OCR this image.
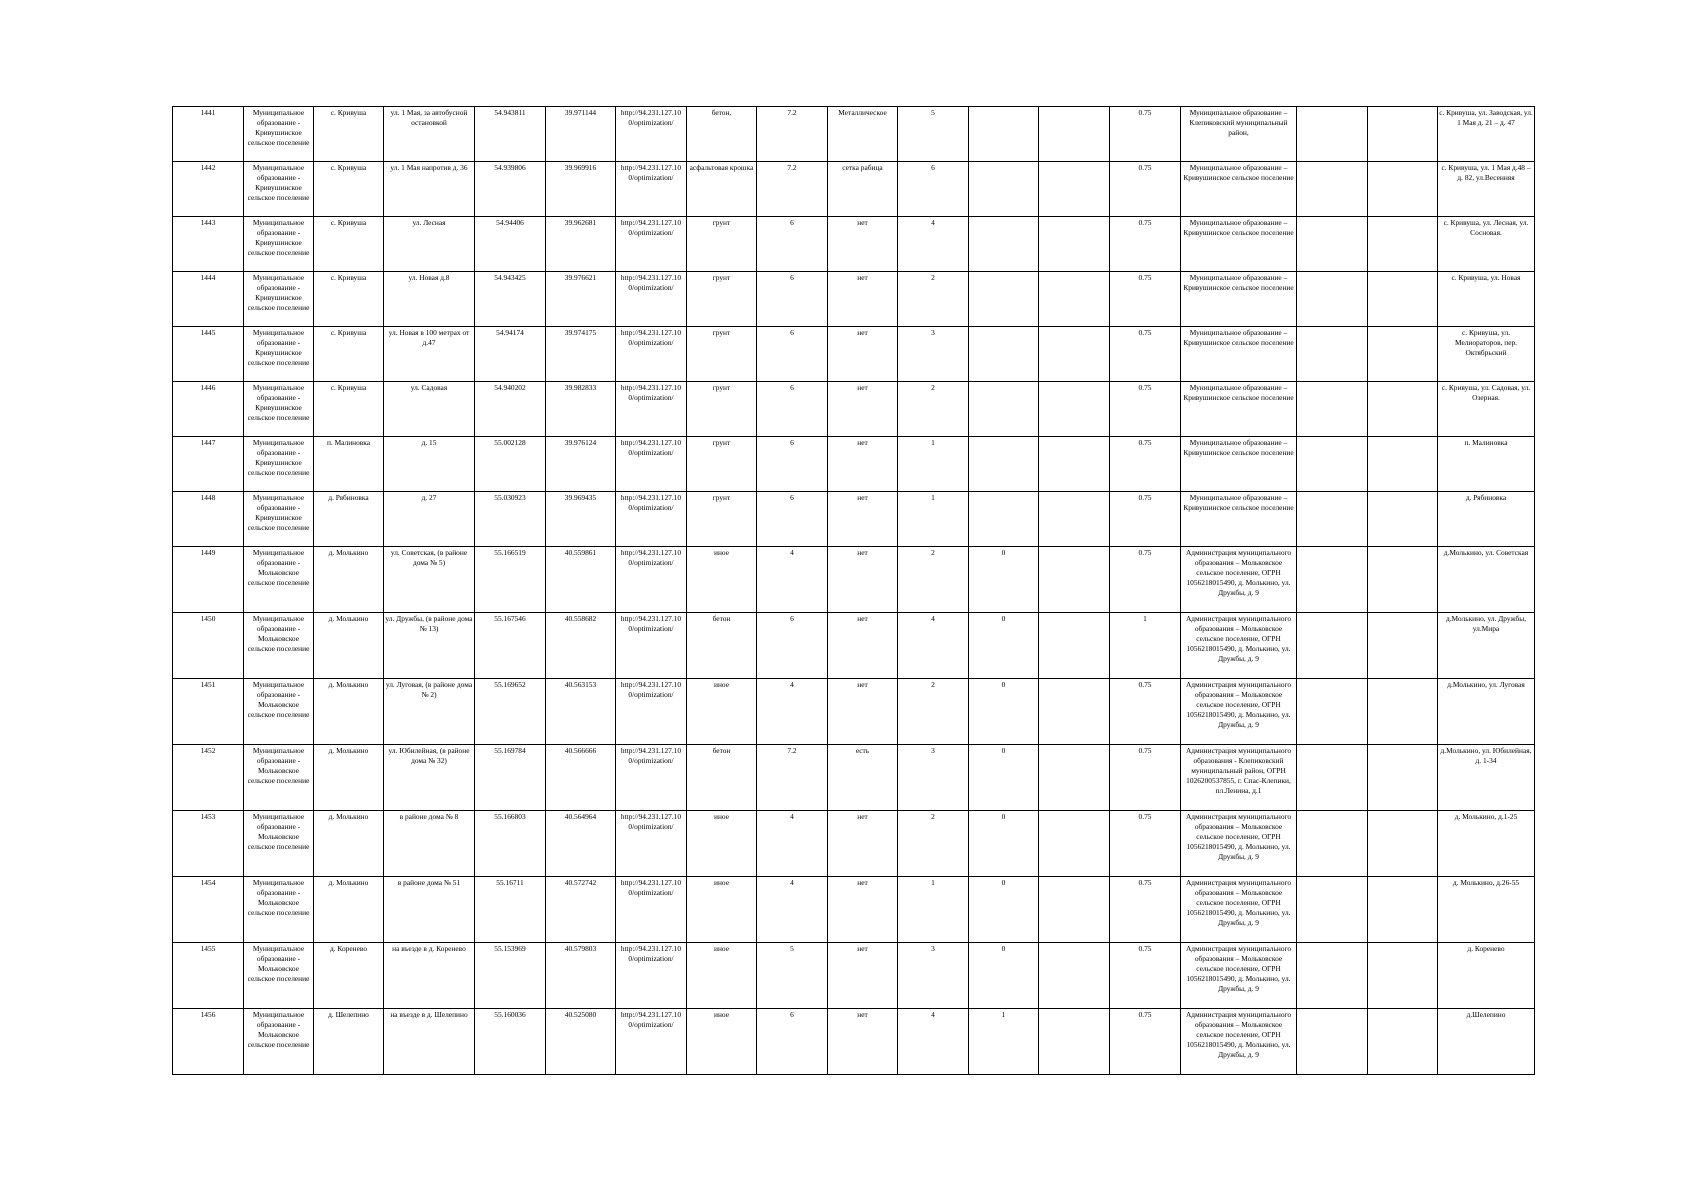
1441	Муниципальное образование - Кривушинское сельское поселение	с. Кривуша	ул. 1 Мая, за автобусной остановкой	54.943811	39.971144	http://94.231.127.10 0/optimization/	бетон,	7.2	Металлическое	5			0.75	Муниципальное образование – Клепиковский муниципальный район,			с. Кривуша, ул. Заводская, ул. 1 Мая д. 21 – д. 47
1442	Муниципальное образование - Кривушинское сельское поселение	с. Кривуша	ул. 1 Мая напротив д. 36	54.939806	39.969916	http://94.231.127.10 0/optimization/	асфальтовая крошка	7.2	сетка рабица	6			0.75	Муниципальное образование – Кривушинское сельское поселение			с. Кривуша, ул. 1 Мая д.48 – д. 82, ул.Весенняя
1443	Муниципальное образование - Кривушинское сельское поселение	с. Кривуша	ул. Лесная	54.94406	39.962681	http://94.231.127.10 0/optimization/	грунт	6	нет	4			0.75	Муниципальное образование – Кривушинское сельское поселение			с. Кривуша, ул. Лесная, ул. Сосновая.
1444	Муниципальное образование - Кривушинское сельское поселение	с. Кривуша	ул. Новая д.8	54.943425	39.976621	http://94.231.127.10 0/optimization/	грунт	6	нет	2			0.75	Муниципальное образование – Кривушинское сельское поселение			с. Кривуша, ул. Новая
1445	Муниципальное образование - Кривушинское сельское поселение	с. Кривуша	ул. Новая в 100 метрах от д.47	54.94174	39.974175	http://94.231.127.10 0/optimization/	грунт	6	нет	3			0.75	Муниципальное образование – Кривушинское сельское поселение			с. Кривуша, ул. Мелиораторов, пер. Октябрьский
1446	Муниципальное образование - Кривушинское сельское поселение	с. Кривуша	ул. Садовая	54.940202	39.982833	http://94.231.127.10 0/optimization/	грунт	6	нет	2			0.75	Муниципальное образование – Кривушинское сельское поселение			с. Кривуша, ул. Садовая, ул. Озерная.
1447	Муниципальное образование - Кривушинское сельское поселение	п. Малиновка	д. 15	55.002128	39.976124	http://94.231.127.10 0/optimization/	грунт	6	нет	1			0.75	Муниципальное образование – Кривушинское сельское поселение			п. Малиновка
1448	Муниципальное образование - Кривушинское сельское поселение	д. Рябиновка	д. 27	55.030923	39.969435	http://94.231.127.10 0/optimization/	грунт	6	нет	1			0.75	Муниципальное образование – Кривушинское сельское поселение			д. Рябиновка
1449	Муниципальное образование - Мольковское сельское поселение	д. Молькино	ул. Советская, (в районе дома № 5)	55.166519	40.559861	http://94.231.127.10 0/optimization/	иное	4	нет	2	0		0.75	Администрация муниципального образования – Мольковское сельское поселение, ОГРН 1056218015490, д. Молькино, ул. Дружбы, д. 9			д.Молькино, ул. Советская
1450	Муниципальное образование - Мольковское сельское поселение	д. Молькино	ул. Дружбы, (в районе дома № 13)	55.167546	40.558682	http://94.231.127.10 0/optimization/	бетон	6	нет	4	0		1	Администрация муниципального образования – Мольковское сельское поселение, ОГРН 1056218015490, д. Молькино, ул. Дружбы, д. 9			д.Молькино, ул. Дружбы, ул.Мира
1451	Муниципальное образование - Мольковское сельское поселение	д. Молькино	ул. Луговая, (в районе дома № 2)	55.169652	40.563153	http://94.231.127.10 0/optimization/	иное	4	нет	2	0		0.75	Администрация муниципального образования – Мольковское сельское поселение, ОГРН 1056218015490, д. Молькино, ул. Дружбы, д. 9			д.Молькино, ул. Луговая
1452	Муниципальное образование - Мольковское сельское поселение	д. Молькино	ул. Юбилейная, (в районе дома № 32)	55.169784	40.566666	http://94.231.127.10 0/optimization/	бетон	7.2	есть	3	0		0.75	Администрация муниципального образования - Клепиковский муниципальный район, ОГРН 1026200537855, г. Спас-Клепики, пл.Ленина, д.1			д.Молькино, ул. Юбилейная, д. 1-34
1453	Муниципальное образование - Мольковское сельское поселение	д. Молькино	в районе дома № 8	55.166803	40.564964	http://94.231.127.10 0/optimization/	иное	4	нет	2	0		0.75	Администрация муниципального образования – Мольковское сельское поселение, ОГРН 1056218015490, д. Молькино, ул. Дружбы, д. 9			д. Молькино, д.1-25
1454	Муниципальное образование - Мольковское сельское поселение	д. Молькино	в районе дома № 51	55.16711	40.572742	http://94.231.127.10 0/optimization/	иное	4	нет	1	0		0.75	Администрация муниципального образования – Мольковское сельское поселение, ОГРН 1056218015490, д. Молькино, ул. Дружбы, д. 9			д. Молькино, д.26-55
1455	Муниципальное образование - Мольковское сельское поселение	д. Коренево	на въезде в д. Коренево	55.153969	40.579803	http://94.231.127.10 0/optimization/	иное	5	нет	3	0		0.75	Администрация муниципального образования – Мольковское сельское поселение, ОГРН 1056218015490, д. Молькино, ул. Дружбы, д. 9			д. Коренево
1456	Муниципальное образование - Мольковское сельское поселение	д. Шелепино	на въезде в д. Шелепино	55.160036	40.525080	http://94.231.127.10 0/optimization/	иное	6	нет	4	1		0.75	Администрация муниципального образования – Мольковское сельское поселение, ОГРН 1056218015490, д. Молькино, ул. Дружбы, д. 9			д.Шелепино
